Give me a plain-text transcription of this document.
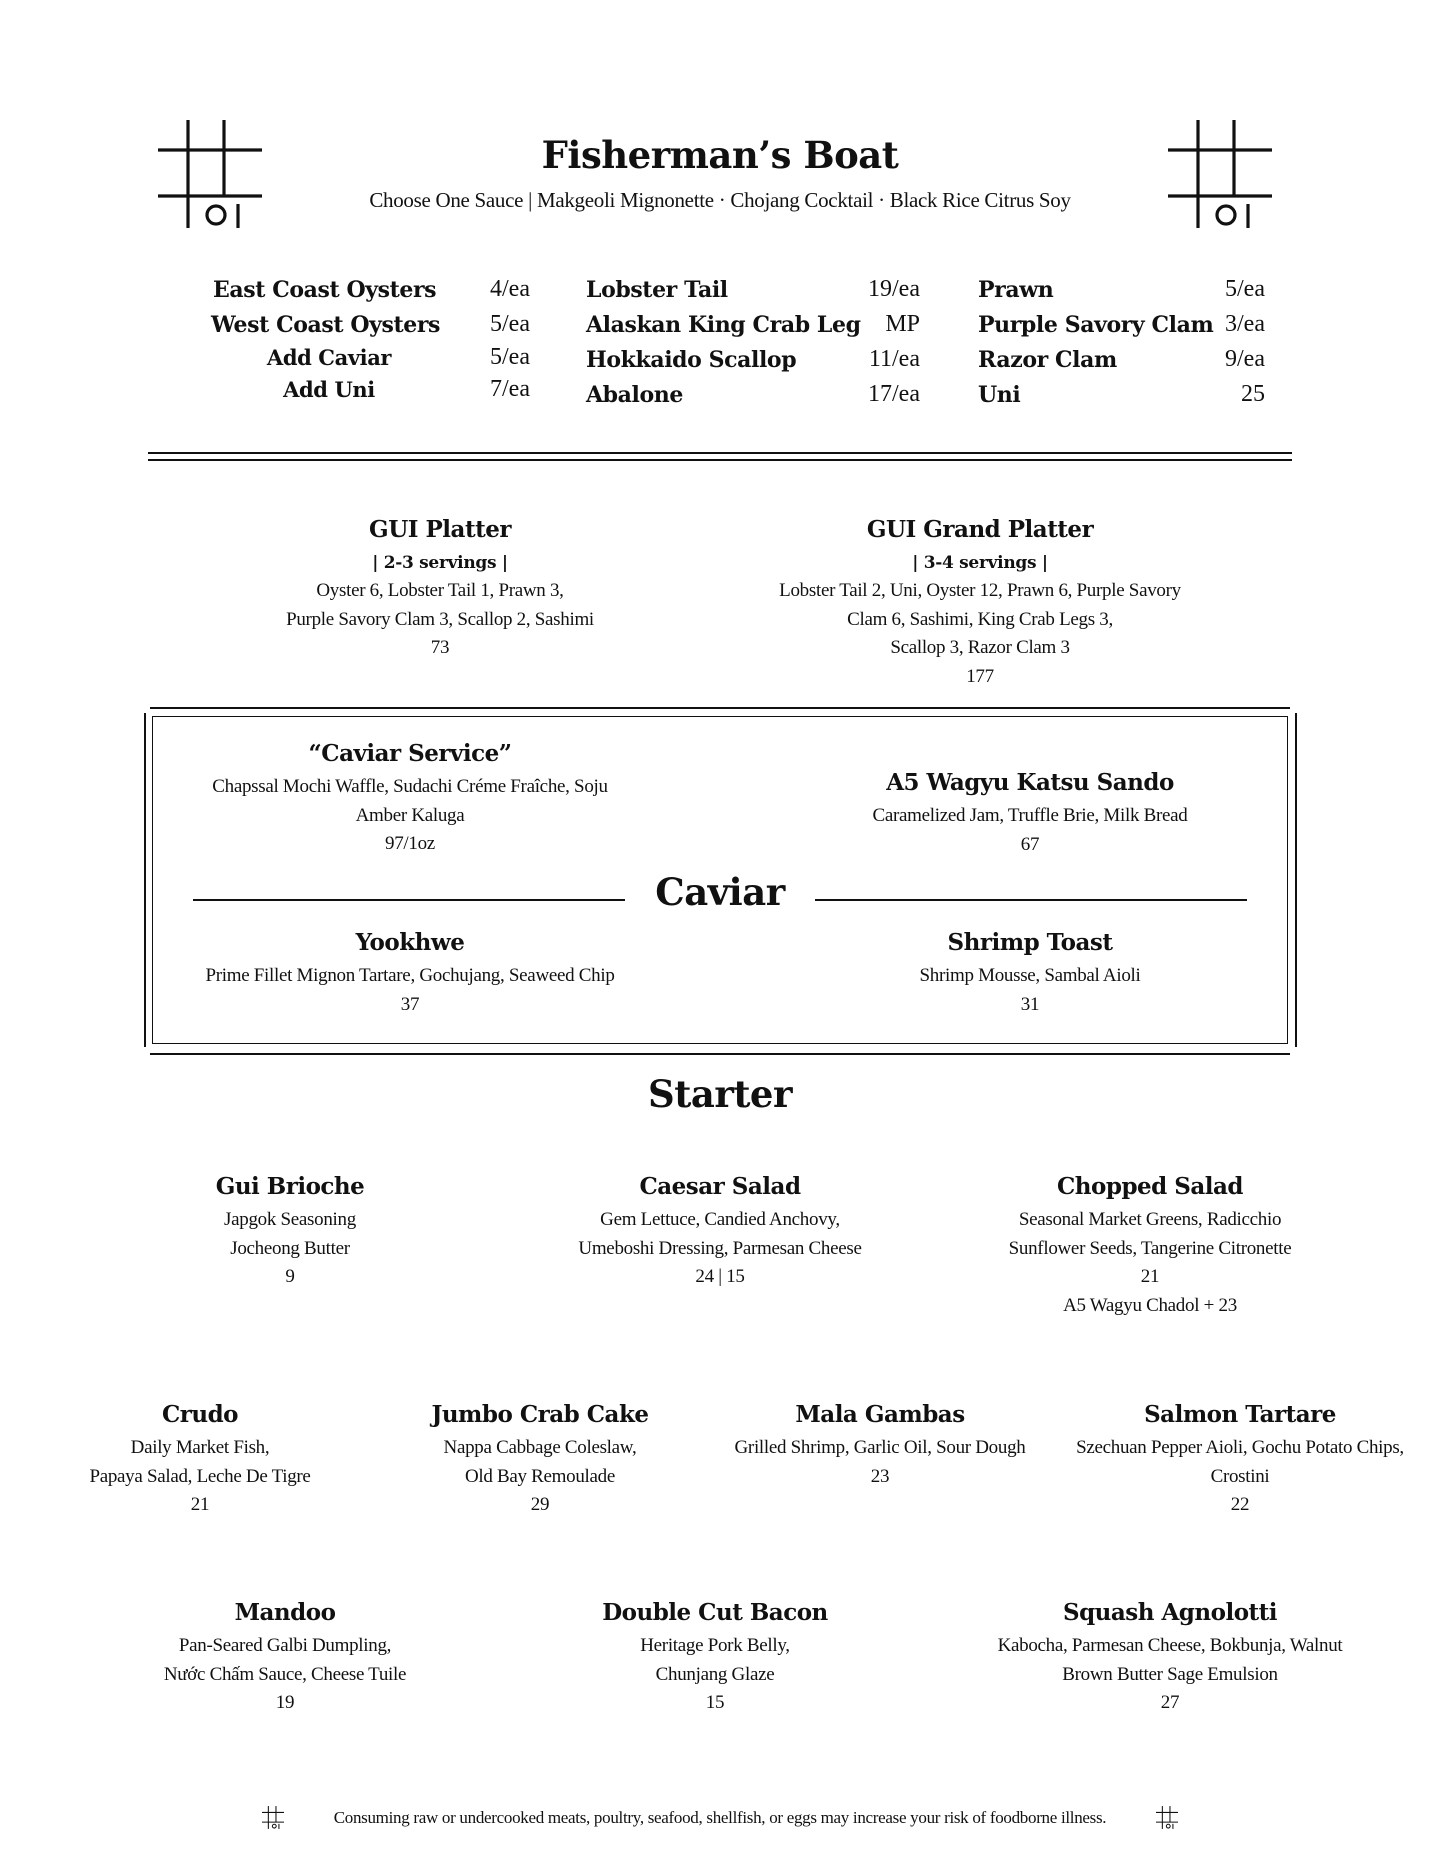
Fisherman’s Boat
Choose One Sauce | Makgeoli Mignonette · Chojang Cocktail · Black Rice Citrus Soy
East Coast Oysters	4/ea
West Coast Oysters	5/ea
Add Caviar	5/ea
Add Uni	7/ea
Lobster Tail	19/ea
Alaskan King Crab Leg	MP
Hokkaido Scallop	11/ea
Abalone	17/ea
Prawn	5/ea
Purple Savory Clam 3/ea
Razor Clam	9/ea
Uni	25
GUI Platter
| 2-3 servings |
Oyster 6, Lobster Tail 1, Prawn 3,
Purple Savory Clam 3, Scallop 2, Sashimi
73
GUI Grand Platter
| 3-4 servings |
Lobster Tail 2, Uni, Oyster 12, Prawn 6, Purple Savory
Clam 6, Sashimi, King Crab Legs 3,
Scallop 3, Razor Clam 3
177
“Caviar Service”
Chapssal Mochi Waffle, Sudachi Créme Fraîche, Soju
Amber Kaluga
97/1oz
A5 Wagyu Katsu Sando
Caramelized Jam, Truffle Brie, Milk Bread
67
Caviar
Yookhwe
Prime Fillet Mignon Tartare, Gochujang, Seaweed Chip
37
Shrimp Toast
Shrimp Mousse, Sambal Aioli
31
Starter
Gui Brioche
Japgok Seasoning
Jocheong Butter
9
Caesar Salad
Gem Lettuce, Candied Anchovy,
Umeboshi Dressing, Parmesan Cheese
24 | 15
Chopped Salad
Seasonal Market Greens, Radicchio
Sunflower Seeds, Tangerine Citronette
21
A5 Wagyu Chadol + 23
Crudo
Daily Market Fish,
Papaya Salad, Leche De Tigre
21
Jumbo Crab Cake
Nappa Cabbage Coleslaw,
Old Bay Remoulade
29
Mala Gambas
Grilled Shrimp, Garlic Oil, Sour Dough
23
Salmon Tartare
Szechuan Pepper Aioli, Gochu Potato Chips,
Crostini
22
Mandoo
Pan-Seared Galbi Dumpling,
Nước Chấm Sauce, Cheese Tuile
19
Double Cut Bacon
Heritage Pork Belly,
Chunjang Glaze
15
Squash Agnolotti
Kabocha, Parmesan Cheese, Bokbunja, Walnut
Brown Butter Sage Emulsion
27
Consuming raw or undercooked meats, poultry, seafood, shellfish, or eggs may increase your risk of foodborne illness.
